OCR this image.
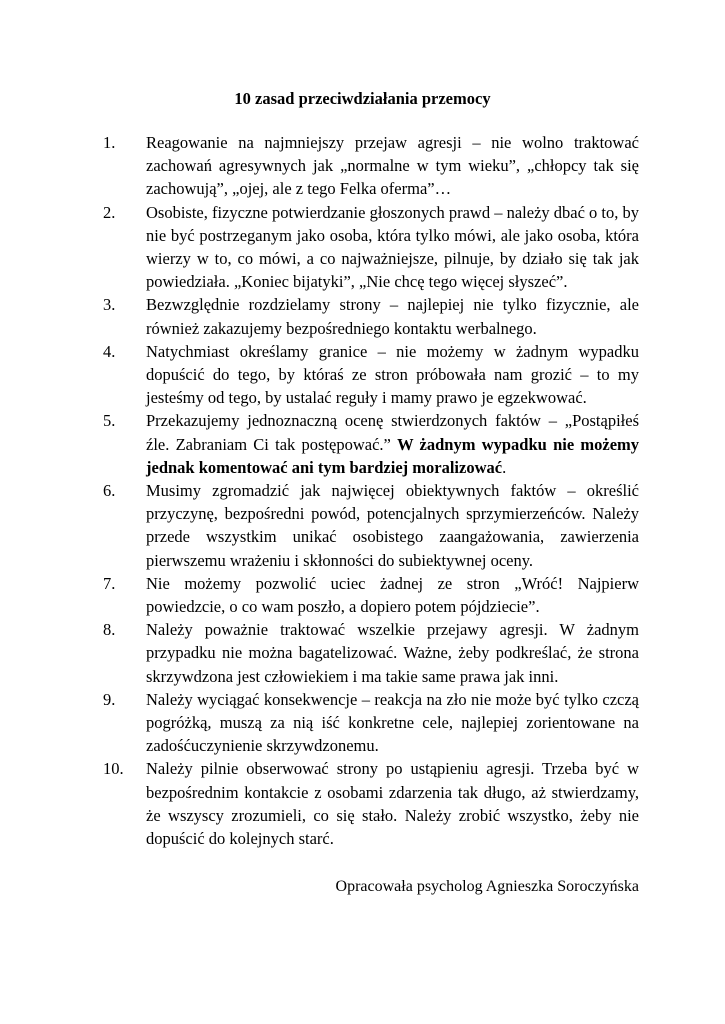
10 zasad przeciwdziałania przemocy
1.	Reagowanie na najmniejszy przejaw agresji – nie wolno traktować zachowań agresywnych jak „normalne w tym wieku”, „chłopcy tak się zachowują”, „ojej, ale z tego Felka oferma”…
2.	Osobiste, fizyczne potwierdzanie głoszonych prawd – należy dbać o to, by nie być postrzeganym jako osoba, która tylko mówi, ale jako osoba, która wierzy w to, co mówi, a co najważniejsze, pilnuje, by działo się tak jak powiedziała. „Koniec bijatyki”, „Nie chcę tego więcej słyszeć”.
3.	Bezwzględnie rozdzielamy strony – najlepiej nie tylko fizycznie, ale również zakazujemy bezpośredniego kontaktu werbalnego.
4.	Natychmiast określamy granice – nie możemy w żadnym wypadku dopuścić do tego, by któraś ze stron próbowała nam grozić – to my jesteśmy od tego, by ustalać reguły i mamy prawo je egzekwować.
5.	Przekazujemy jednoznaczną ocenę stwierdzonych faktów – „Postąpiłeś źle. Zabraniam Ci tak postępować.” W żadnym wypadku nie możemy jednak komentować ani tym bardziej moralizować.
6.	Musimy zgromadzić jak najwięcej obiektywnych faktów – określić przyczynę, bezpośredni powód, potencjalnych sprzymierzeńców. Należy przede wszystkim unikać osobistego zaangażowania, zawierzenia pierwszemu wrażeniu i skłonności do subiektywnej oceny.
7.	Nie możemy pozwolić uciec żadnej ze stron „Wróć! Najpierw powiedzcie, o co wam poszło, a dopiero potem pójdziecie”.
8.	Należy poważnie traktować wszelkie przejawy agresji. W żadnym przypadku nie można bagatelizować. Ważne, żeby podkreślać, że strona skrzywdzona jest człowiekiem i ma takie same prawa jak inni.
9.	Należy wyciągać konsekwencje – reakcja na zło nie może być tylko czczą pogróżką, muszą za nią iść konkretne cele, najlepiej zorientowane na zadośćuczynienie skrzywdzonemu.
10.	Należy pilnie obserwować strony po ustąpieniu agresji. Trzeba być w bezpośrednim kontakcie z osobami zdarzenia tak długo, aż stwierdzamy, że wszyscy zrozumieli, co się stało. Należy zrobić wszystko, żeby nie dopuścić do kolejnych starć.
Opracowała psycholog Agnieszka Soroczyńska
